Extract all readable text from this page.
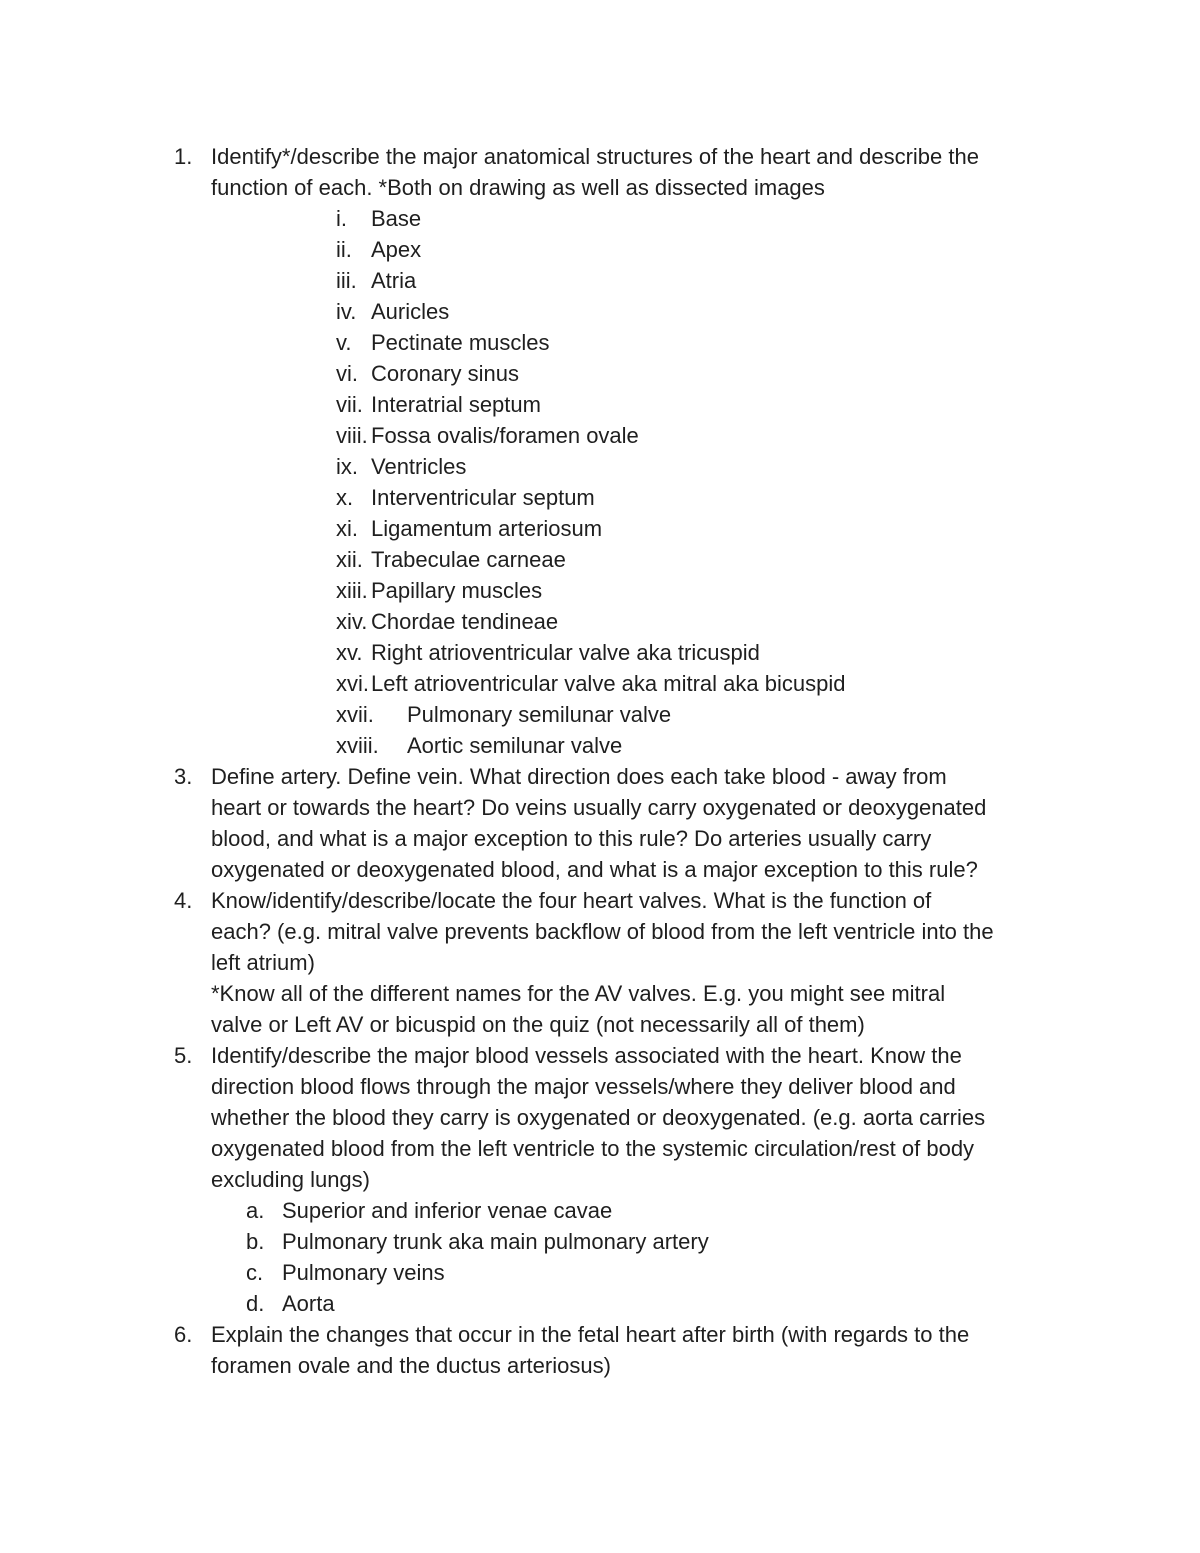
1. Identify*/describe the major anatomical structures of the heart and describe the
function of each. *Both on drawing as well as dissected images
i. Base
ii. Apex
iii. Atria
iv. Auricles
v. Pectinate muscles
vi. Coronary sinus
vii. Interatrial septum
viii. Fossa ovalis/foramen ovale
ix. Ventricles
x. Interventricular septum
xi. Ligamentum arteriosum
xii. Trabeculae carneae
xiii. Papillary muscles
xiv. Chordae tendineae
xv. Right atrioventricular valve aka tricuspid
xvi. Left atrioventricular valve aka mitral aka bicuspid
xvii. Pulmonary semilunar valve
xviii. Aortic semilunar valve
3. Define artery. Define vein. What direction does each take blood - away from
heart or towards the heart? Do veins usually carry oxygenated or deoxygenated
blood, and what is a major exception to this rule? Do arteries usually carry
oxygenated or deoxygenated blood, and what is a major exception to this rule?
4. Know/identify/describe/locate the four heart valves. What is the function of
each? (e.g. mitral valve prevents backflow of blood from the left ventricle into the
left atrium)
*Know all of the different names for the AV valves. E.g. you might see mitral
valve or Left AV or bicuspid on the quiz (not necessarily all of them)
5. Identify/describe the major blood vessels associated with the heart. Know the
direction blood flows through the major vessels/where they deliver blood and
whether the blood they carry is oxygenated or deoxygenated. (e.g. aorta carries
oxygenated blood from the left ventricle to the systemic circulation/rest of body
excluding lungs)
a. Superior and inferior venae cavae
b. Pulmonary trunk aka main pulmonary artery
c. Pulmonary veins
d. Aorta
6. Explain the changes that occur in the fetal heart after birth (with regards to the
foramen ovale and the ductus arteriosus)
